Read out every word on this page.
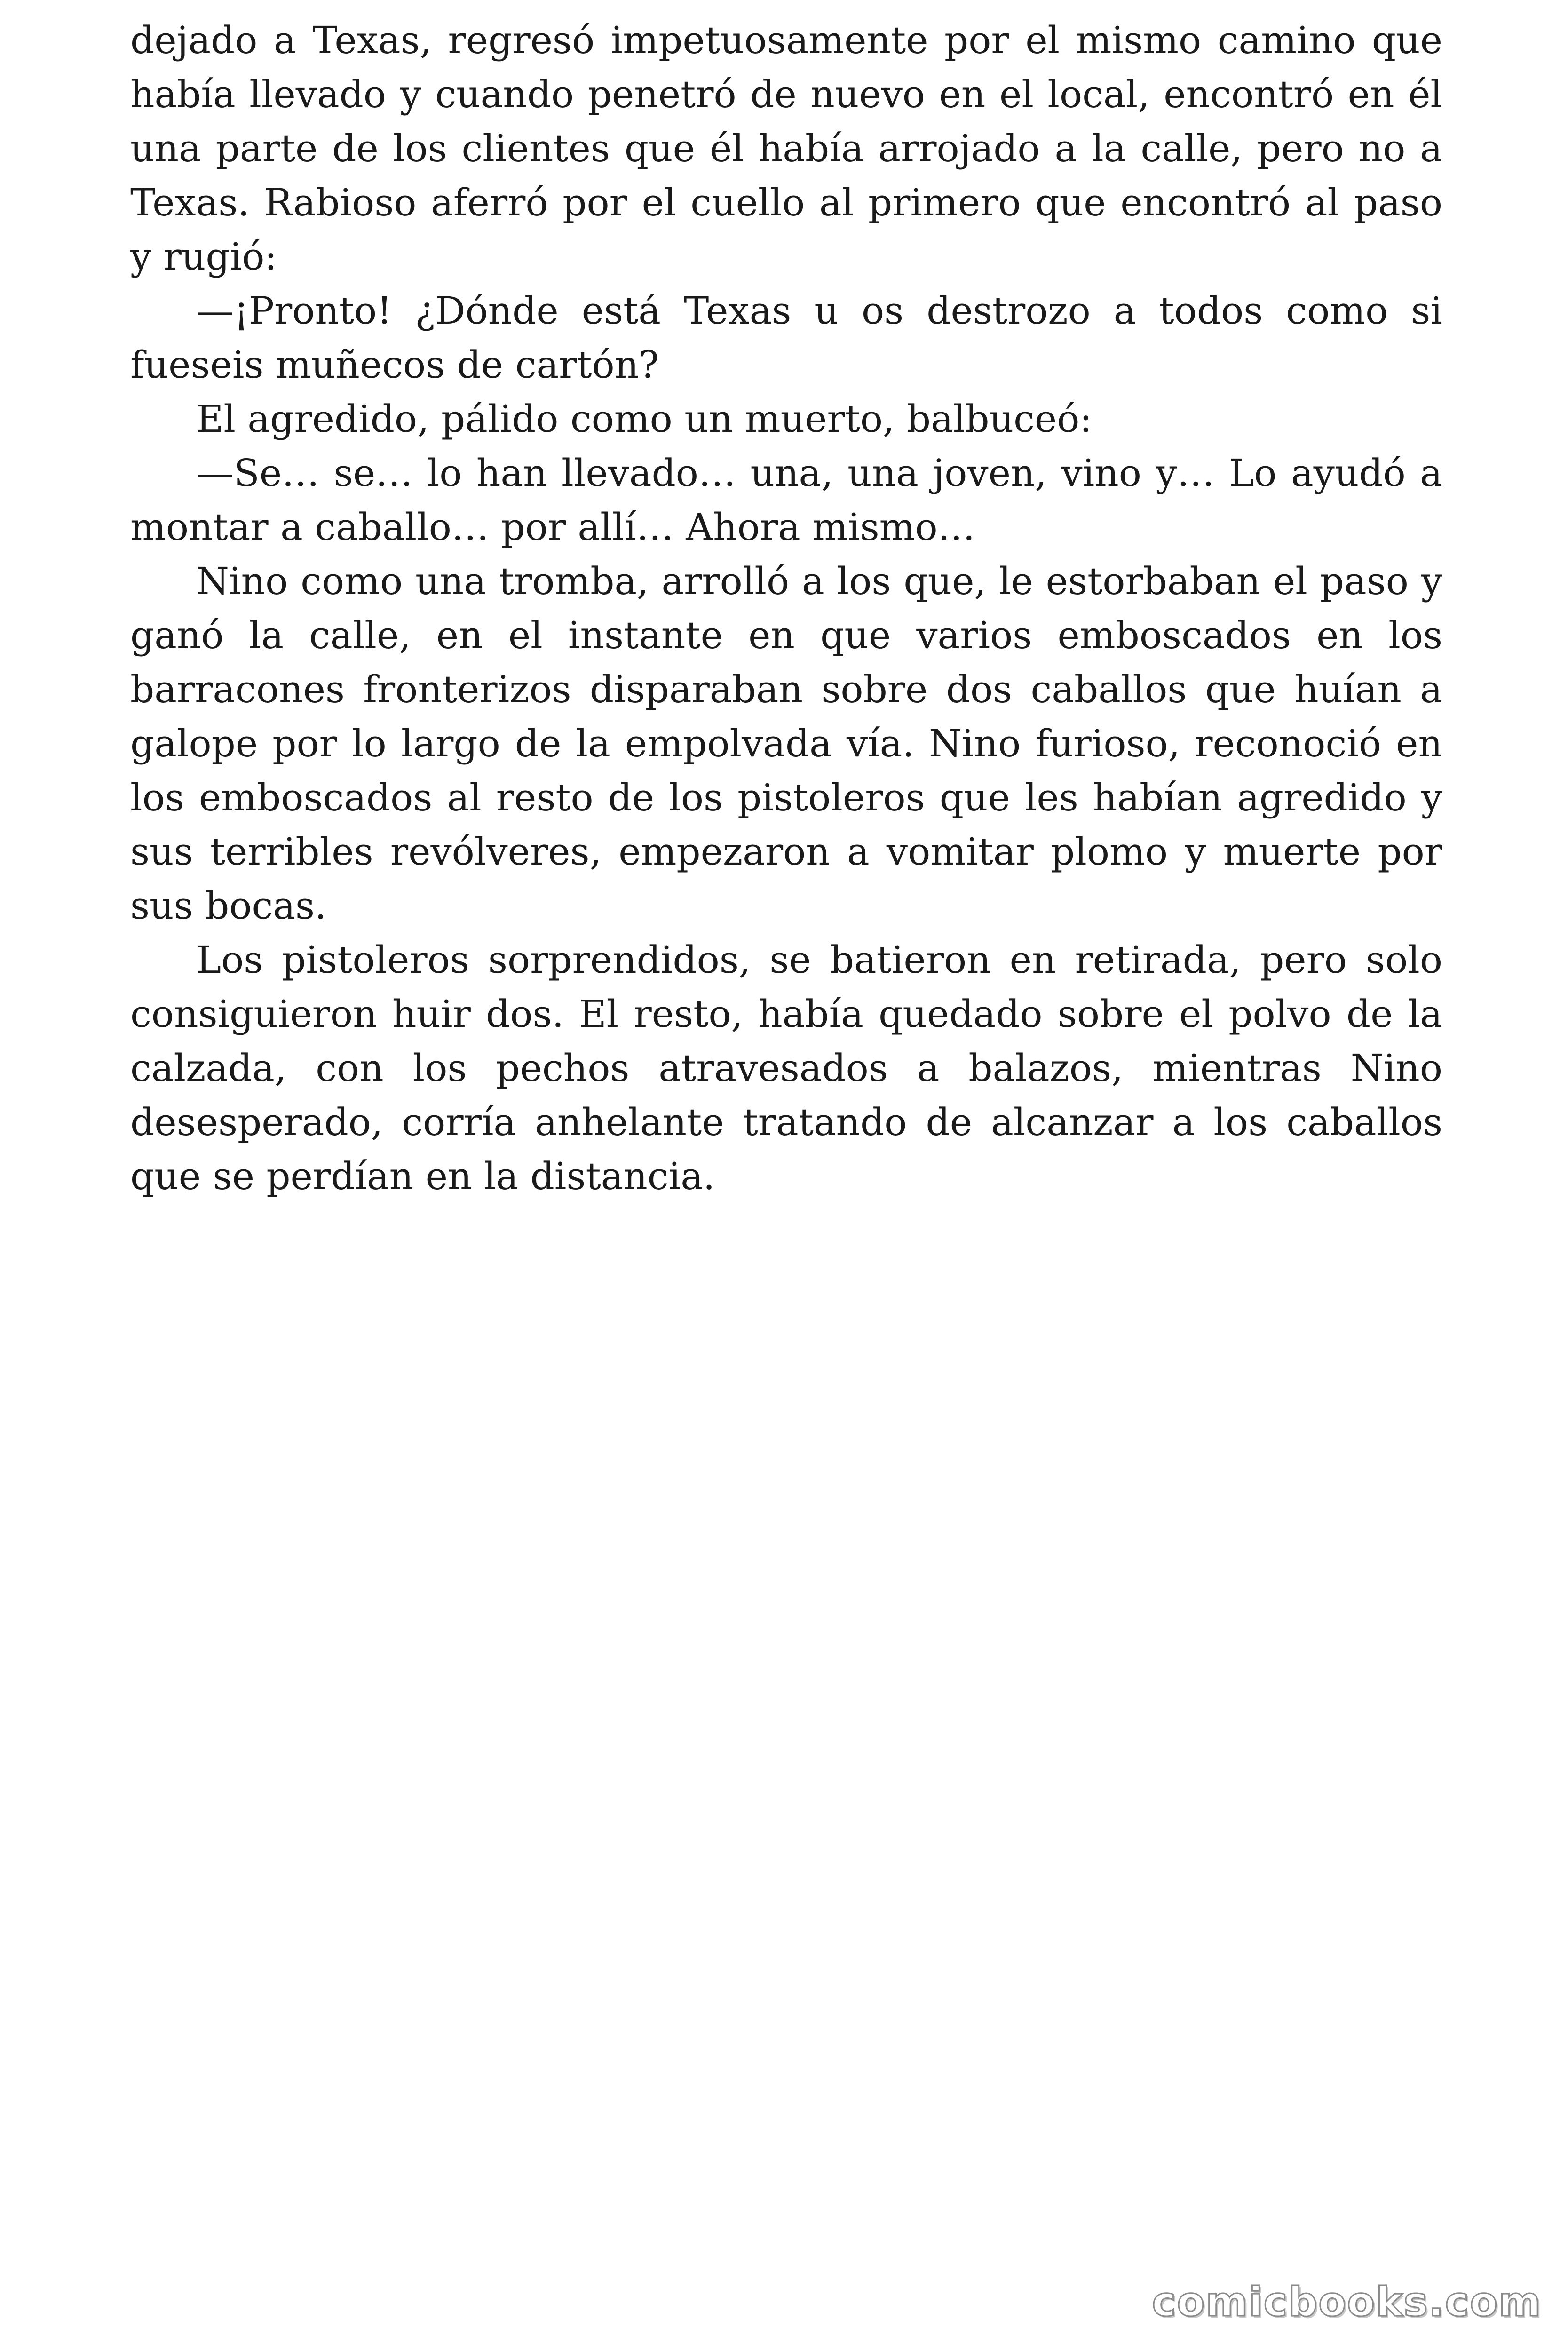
dejado a Texas, regresó impetuosamente por el mismo camino que había llevado y cuando penetró de nuevo en el local, encontró en él una parte de los clientes que él había arrojado a la calle, pero no a Texas. Rabioso aferró por el cuello al primero que encontró al paso y rugió:

—¡Pronto! ¿Dónde está Texas u os destrozo a todos como si fueseis muñecos de cartón?

El agredido, pálido como un muerto, balbuceó:

—Se… se… lo han llevado… una, una joven, vino y… Lo ayudó a montar a caballo… por allí… Ahora mismo…

Nino como una tromba, arrolló a los que, le estorbaban el paso y ganó la calle, en el instante en que varios emboscados en los barracones fronterizos disparaban sobre dos caballos que huían a galope por lo largo de la empolvada vía. Nino furioso, reconoció en los emboscados al resto de los pistoleros que les habían agredido y sus terribles revólveres, empezaron a vomitar plomo y muerte por sus bocas.

Los pistoleros sorprendidos, se batieron en retirada, pero solo consiguieron huir dos. El resto, había quedado sobre el polvo de la calzada, con los pechos atravesados a balazos, mientras Nino desesperado, corría anhelante tratando de alcanzar a los caballos que se perdían en la distancia.

comicbooks.com
